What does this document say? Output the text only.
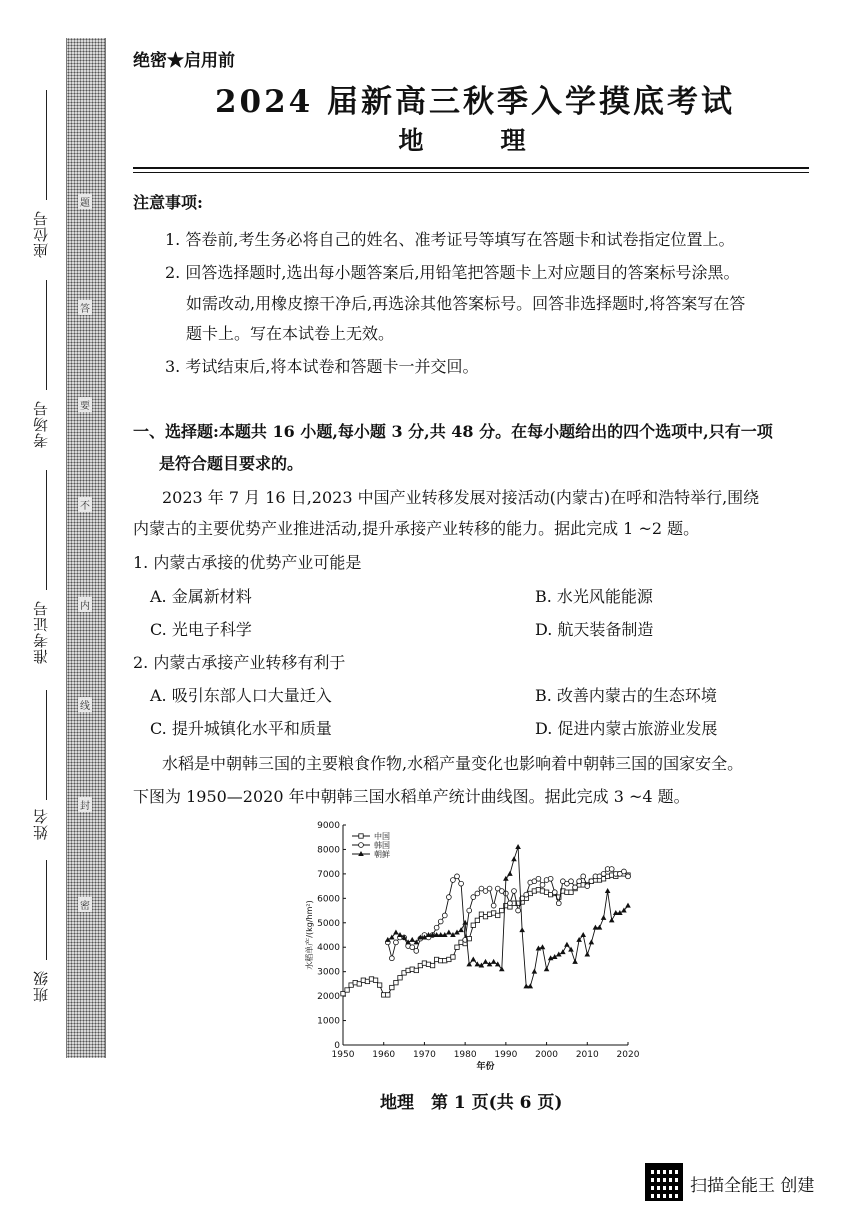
题
答
要
不
内
线
封
密
座位号
考场号
准考证号
姓名
班级
绝密★启用前
2024 届新高三秋季入学摸底考试
地　理
注意事项:
1. 答卷前,考生务必将自己的姓名、准考证号等填写在答题卡和试卷指定位置上。
2. 回答选择题时,选出每小题答案后,用铅笔把答题卡上对应题目的答案标号涂黑。
如需改动,用橡皮擦干净后,再选涂其他答案标号。回答非选择题时,将答案写在答
题卡上。写在本试卷上无效。
3. 考试结束后,将本试卷和答题卡一并交回。
一、选择题:本题共 16 小题,每小题 3 分,共 48 分。在每小题给出的四个选项中,只有一项
是符合题目要求的。
2023 年 7 月 16 日,2023 中国产业转移发展对接活动(内蒙古)在呼和浩特举行,围绕
内蒙古的主要优势产业推进活动,提升承接产业转移的能力。据此完成 1 ~2 题。
1. 内蒙古承接的优势产业可能是
A. 金属新材料	B. 水光风能能源
C. 光电子科学	D. 航天装备制造
2. 内蒙古承接产业转移有利于
A. 吸引东部人口大量迁入	B. 改善内蒙古的生态环境
C. 提升城镇化水平和质量	D. 促进内蒙古旅游业发展
水稻是中朝韩三国的主要粮食作物,水稻产量变化也影响着中朝韩三国的国家安全。
下图为 1950—2020 年中朝韩三国水稻单产统计曲线图。据此完成 3 ~4 题。
1950 1960 1970 1980 1990 2000 2010 2020
0
1000
2000
3000
4000
5000
6000
7000
8000
9000
年份
水稻单产/(kg/hm²)
中国
韩国
朝鲜
地理　第 1 页(共 6 页)
扫描全能王 创建
